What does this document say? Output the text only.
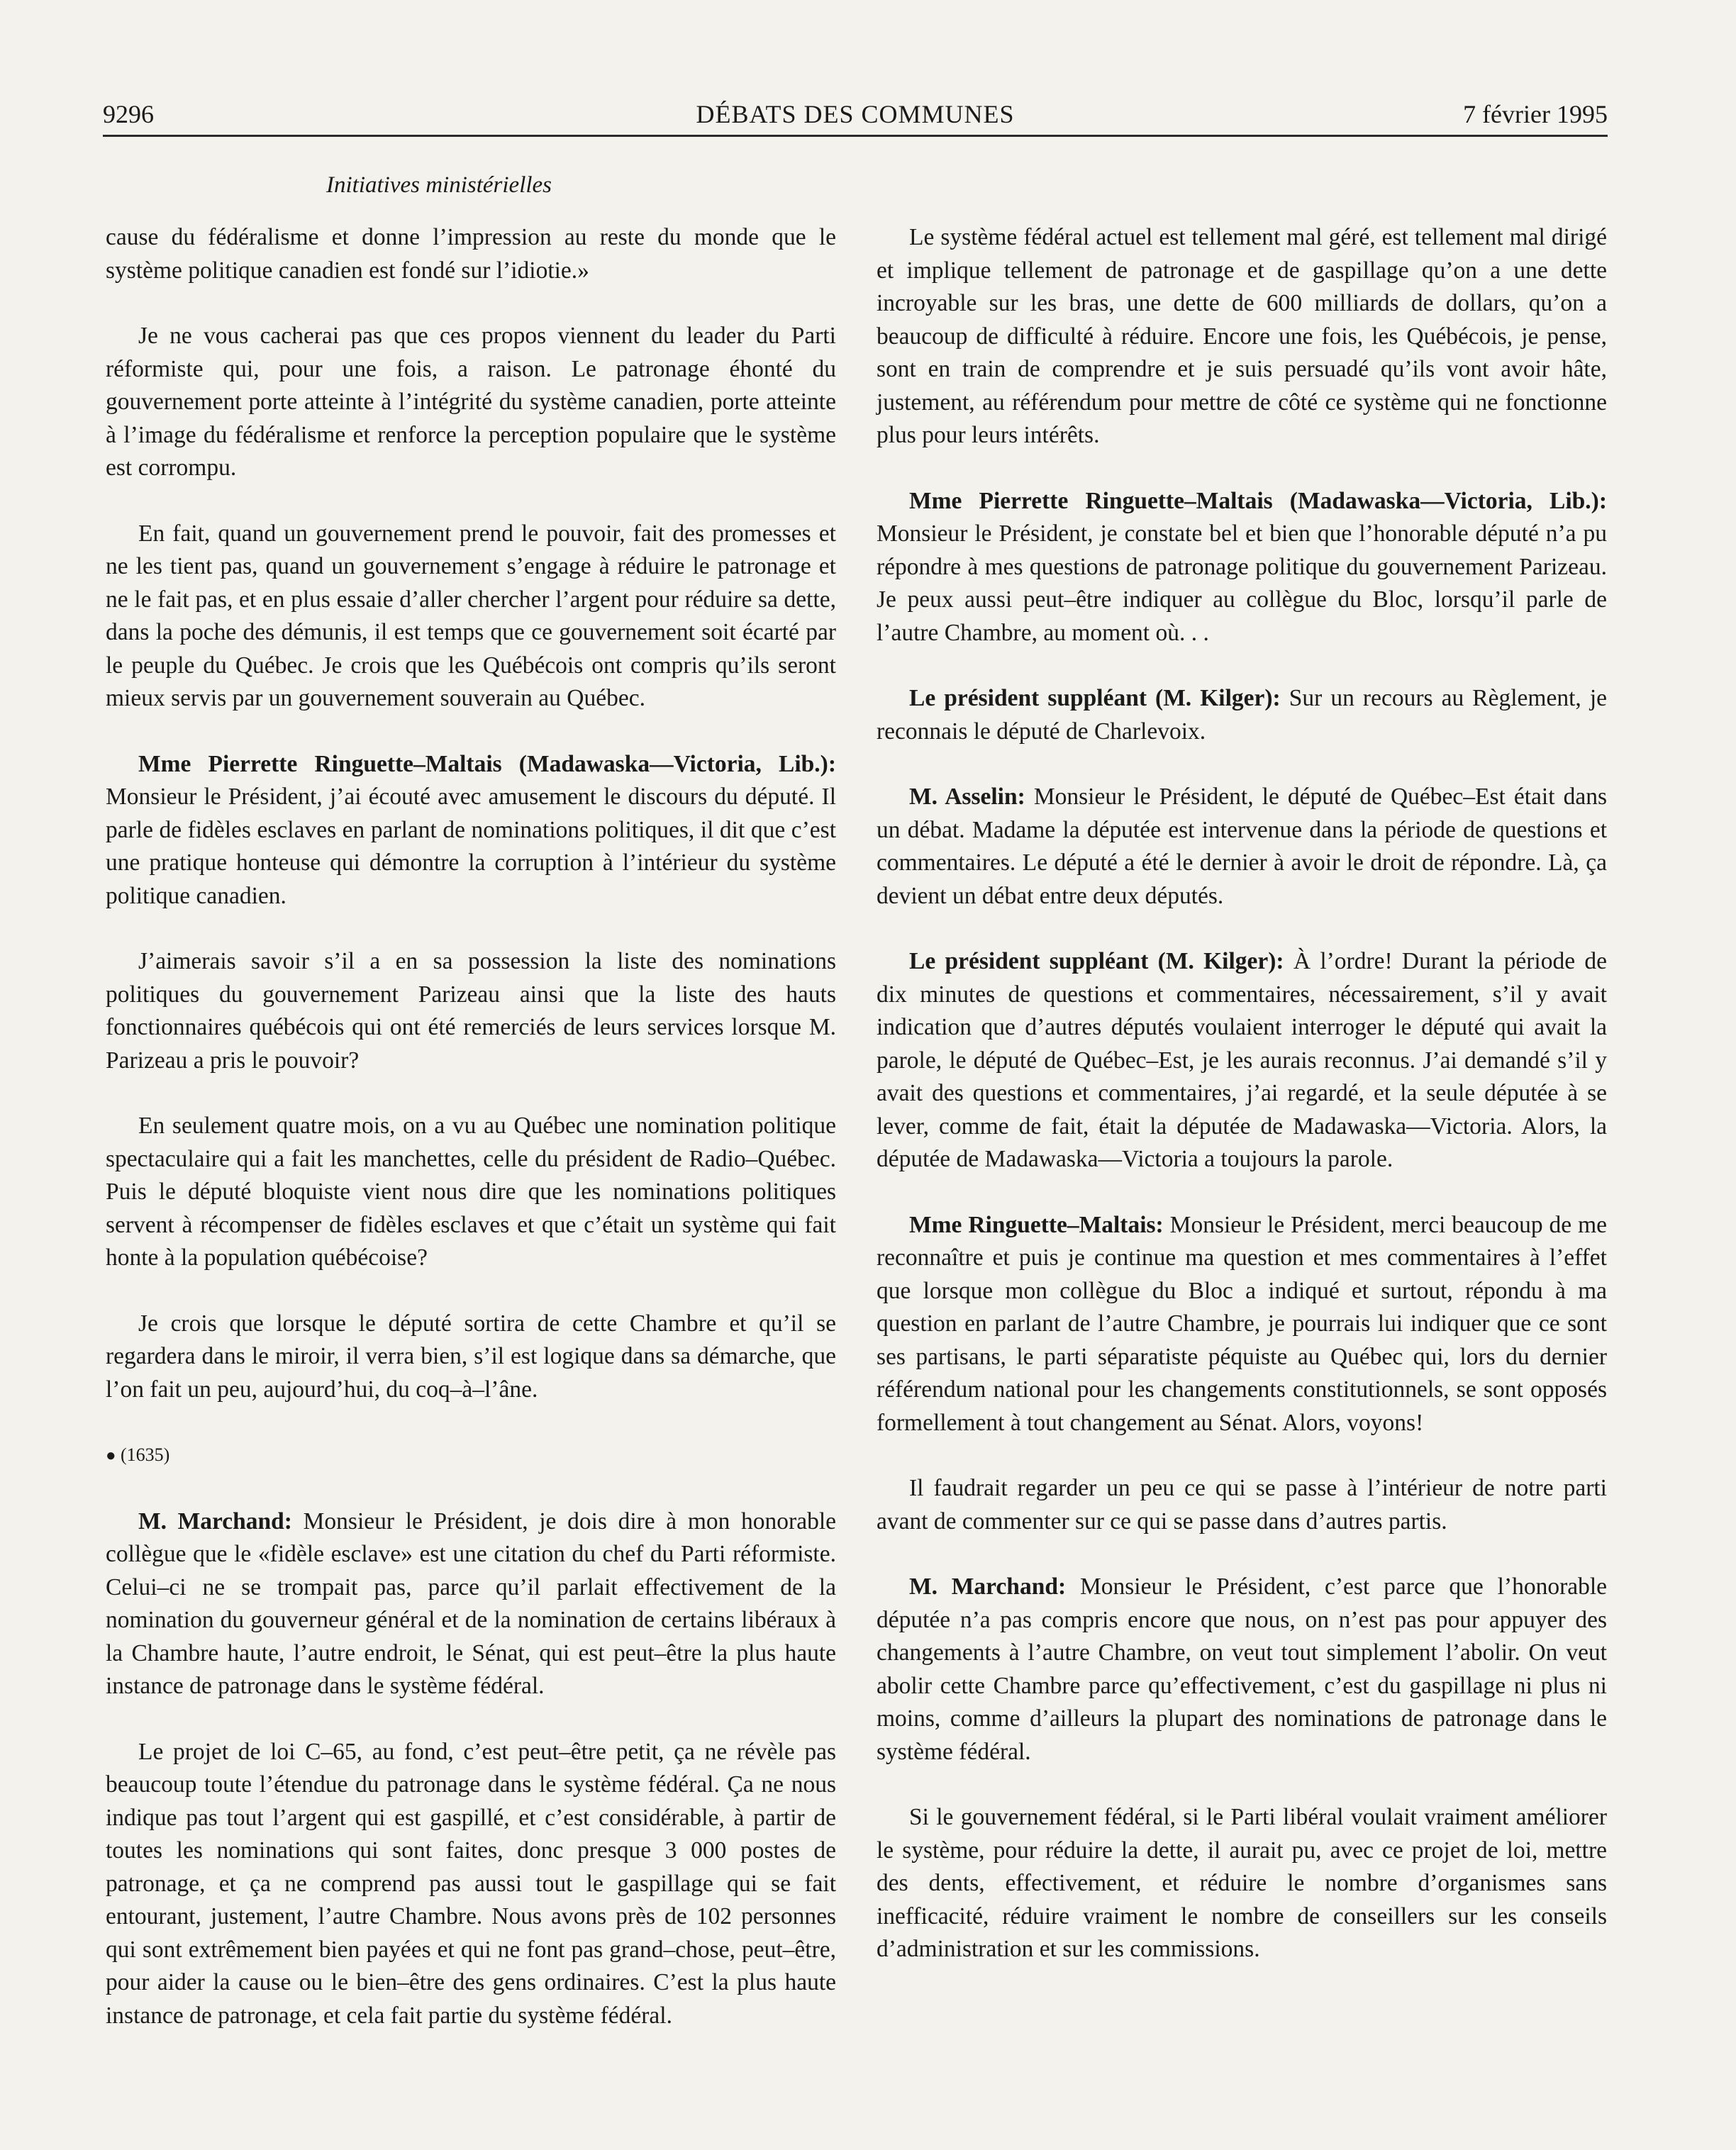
9296	DÉBATS DES COMMUNES	7 février 1995
Initiatives ministérielles

cause du fédéralisme et donne l’impression au reste du monde que le système politique canadien est fondé sur l’idiotie.»

Je ne vous cacherai pas que ces propos viennent du leader du Parti réformiste qui, pour une fois, a raison. Le patronage éhonté du gouvernement porte atteinte à l’intégrité du système canadien, porte atteinte à l’image du fédéralisme et renforce la perception populaire que le système est corrompu.

En fait, quand un gouvernement prend le pouvoir, fait des promesses et ne les tient pas, quand un gouvernement s’engage à réduire le patronage et ne le fait pas, et en plus essaie d’aller chercher l’argent pour réduire sa dette, dans la poche des démunis, il est temps que ce gouvernement soit écarté par le peuple du Québec. Je crois que les Québécois ont compris qu’ils seront mieux servis par un gouvernement souverain au Québec.

Mme Pierrette Ringuette–Maltais (Madawaska—Victoria, Lib.): Monsieur le Président, j’ai écouté avec amusement le discours du député. Il parle de fidèles esclaves en parlant de nominations politiques, il dit que c’est une pratique honteuse qui démontre la corruption à l’intérieur du système politique canadien.

J’aimerais savoir s’il a en sa possession la liste des nominations politiques du gouvernement Parizeau ainsi que la liste des hauts fonctionnaires québécois qui ont été remerciés de leurs services lorsque M. Parizeau a pris le pouvoir?

En seulement quatre mois, on a vu au Québec une nomination politique spectaculaire qui a fait les manchettes, celle du président de Radio–Québec. Puis le député bloquiste vient nous dire que les nominations politiques servent à récompenser de fidèles esclaves et que c’était un système qui fait honte à la population québécoise?

Je crois que lorsque le député sortira de cette Chambre et qu’il se regardera dans le miroir, il verra bien, s’il est logique dans sa démarche, que l’on fait un peu, aujourd’hui, du coq–à–l’âne.

● (1635)

M. Marchand: Monsieur le Président, je dois dire à mon honorable collègue que le «fidèle esclave» est une citation du chef du Parti réformiste. Celui–ci ne se trompait pas, parce qu’il parlait effectivement de la nomination du gouverneur général et de la nomination de certains libéraux à la Chambre haute, l’autre endroit, le Sénat, qui est peut–être la plus haute instance de patronage dans le système fédéral.

Le projet de loi C–65, au fond, c’est peut–être petit, ça ne révèle pas beaucoup toute l’étendue du patronage dans le système fédéral. Ça ne nous indique pas tout l’argent qui est gaspillé, et c’est considérable, à partir de toutes les nominations qui sont faites, donc presque 3 000 postes de patronage, et ça ne comprend pas aussi tout le gaspillage qui se fait entourant, justement, l’autre Chambre. Nous avons près de 102 personnes qui sont extrêmement bien payées et qui ne font pas grand–chose, peut–être, pour aider la cause ou le bien–être des gens ordinaires. C’est la plus haute instance de patronage, et cela fait partie du système fédéral.

Le système fédéral actuel est tellement mal géré, est tellement mal dirigé et implique tellement de patronage et de gaspillage qu’on a une dette incroyable sur les bras, une dette de 600 milliards de dollars, qu’on a beaucoup de difficulté à réduire. Encore une fois, les Québécois, je pense, sont en train de comprendre et je suis persuadé qu’ils vont avoir hâte, justement, au référendum pour mettre de côté ce système qui ne fonctionne plus pour leurs intérêts.

Mme Pierrette Ringuette–Maltais (Madawaska—Victoria, Lib.): Monsieur le Président, je constate bel et bien que l’honorable député n’a pu répondre à mes questions de patronage politique du gouvernement Parizeau. Je peux aussi peut–être indiquer au collègue du Bloc, lorsqu’il parle de l’autre Chambre, au moment où. . .

Le président suppléant (M. Kilger): Sur un recours au Règlement, je reconnais le député de Charlevoix.

M. Asselin: Monsieur le Président, le député de Québec–Est était dans un débat. Madame la députée est intervenue dans la période de questions et commentaires. Le député a été le dernier à avoir le droit de répondre. Là, ça devient un débat entre deux députés.

Le président suppléant (M. Kilger): À l’ordre! Durant la période de dix minutes de questions et commentaires, nécessairement, s’il y avait indication que d’autres députés voulaient interroger le député qui avait la parole, le député de Québec–Est, je les aurais reconnus. J’ai demandé s’il y avait des questions et commentaires, j’ai regardé, et la seule députée à se lever, comme de fait, était la députée de Madawaska—Victoria. Alors, la députée de Madawaska—Victoria a toujours la parole.

Mme Ringuette–Maltais: Monsieur le Président, merci beaucoup de me reconnaître et puis je continue ma question et mes commentaires à l’effet que lorsque mon collègue du Bloc a indiqué et surtout, répondu à ma question en parlant de l’autre Chambre, je pourrais lui indiquer que ce sont ses partisans, le parti séparatiste péquiste au Québec qui, lors du dernier référendum national pour les changements constitutionnels, se sont opposés formellement à tout changement au Sénat. Alors, voyons!

Il faudrait regarder un peu ce qui se passe à l’intérieur de notre parti avant de commenter sur ce qui se passe dans d’autres partis.

M. Marchand: Monsieur le Président, c’est parce que l’honorable députée n’a pas compris encore que nous, on n’est pas pour appuyer des changements à l’autre Chambre, on veut tout simplement l’abolir. On veut abolir cette Chambre parce qu’effectivement, c’est du gaspillage ni plus ni moins, comme d’ailleurs la plupart des nominations de patronage dans le système fédéral.

Si le gouvernement fédéral, si le Parti libéral voulait vraiment améliorer le système, pour réduire la dette, il aurait pu, avec ce projet de loi, mettre des dents, effectivement, et réduire le nombre d’organismes sans inefficacité, réduire vraiment le nombre de conseillers sur les conseils d’administration et sur les commissions.
